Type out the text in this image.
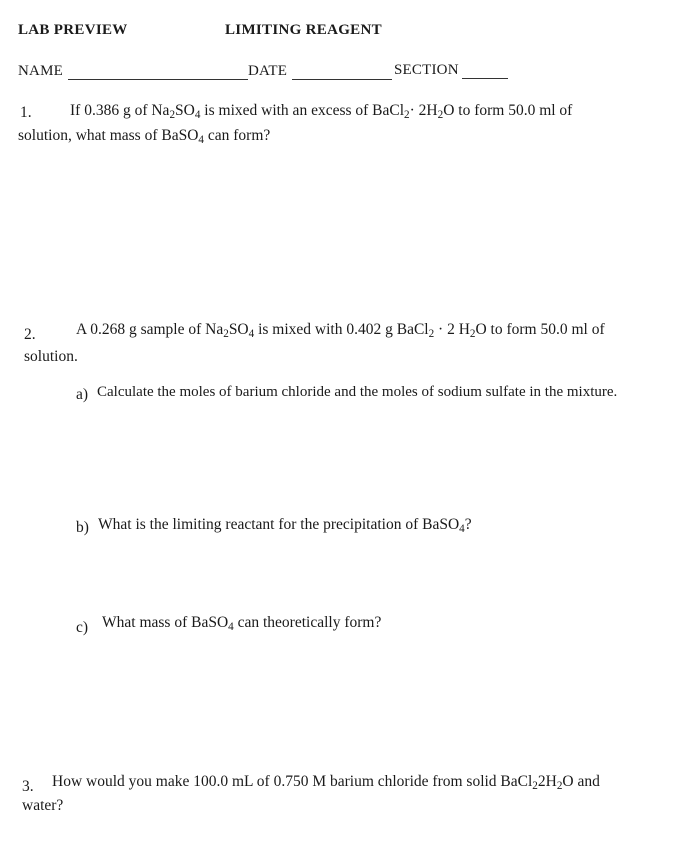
LAB PREVIEW	LIMITING REAGENT
NAME	DATE	SECTION
1. If 0.386 g of $Na_2SO_4$ is mixed with an excess of BaCl$_2$· $2H_2O$ to form 50.0 ml of
solution, what mass of BaSO$_4$ can form?
2.	A 0.268 g sample of $Na_2SO_4$ is mixed with 0.402 g BaCl$_2$ · 2 $H_2O$ to form 50.0 ml of
solution.
a) Calculate the moles of barium chloride and the moles of sodium sulfate in the mixture.
b) What is the limiting reactant for the precipitation of BaSO$_4$?
c) What mass of BaSO$_4$ can theoretically form?
3. How would you make 100.0 mL of 0.750 M barium chloride from solid $BaCl_22H_2O$ and
water?
